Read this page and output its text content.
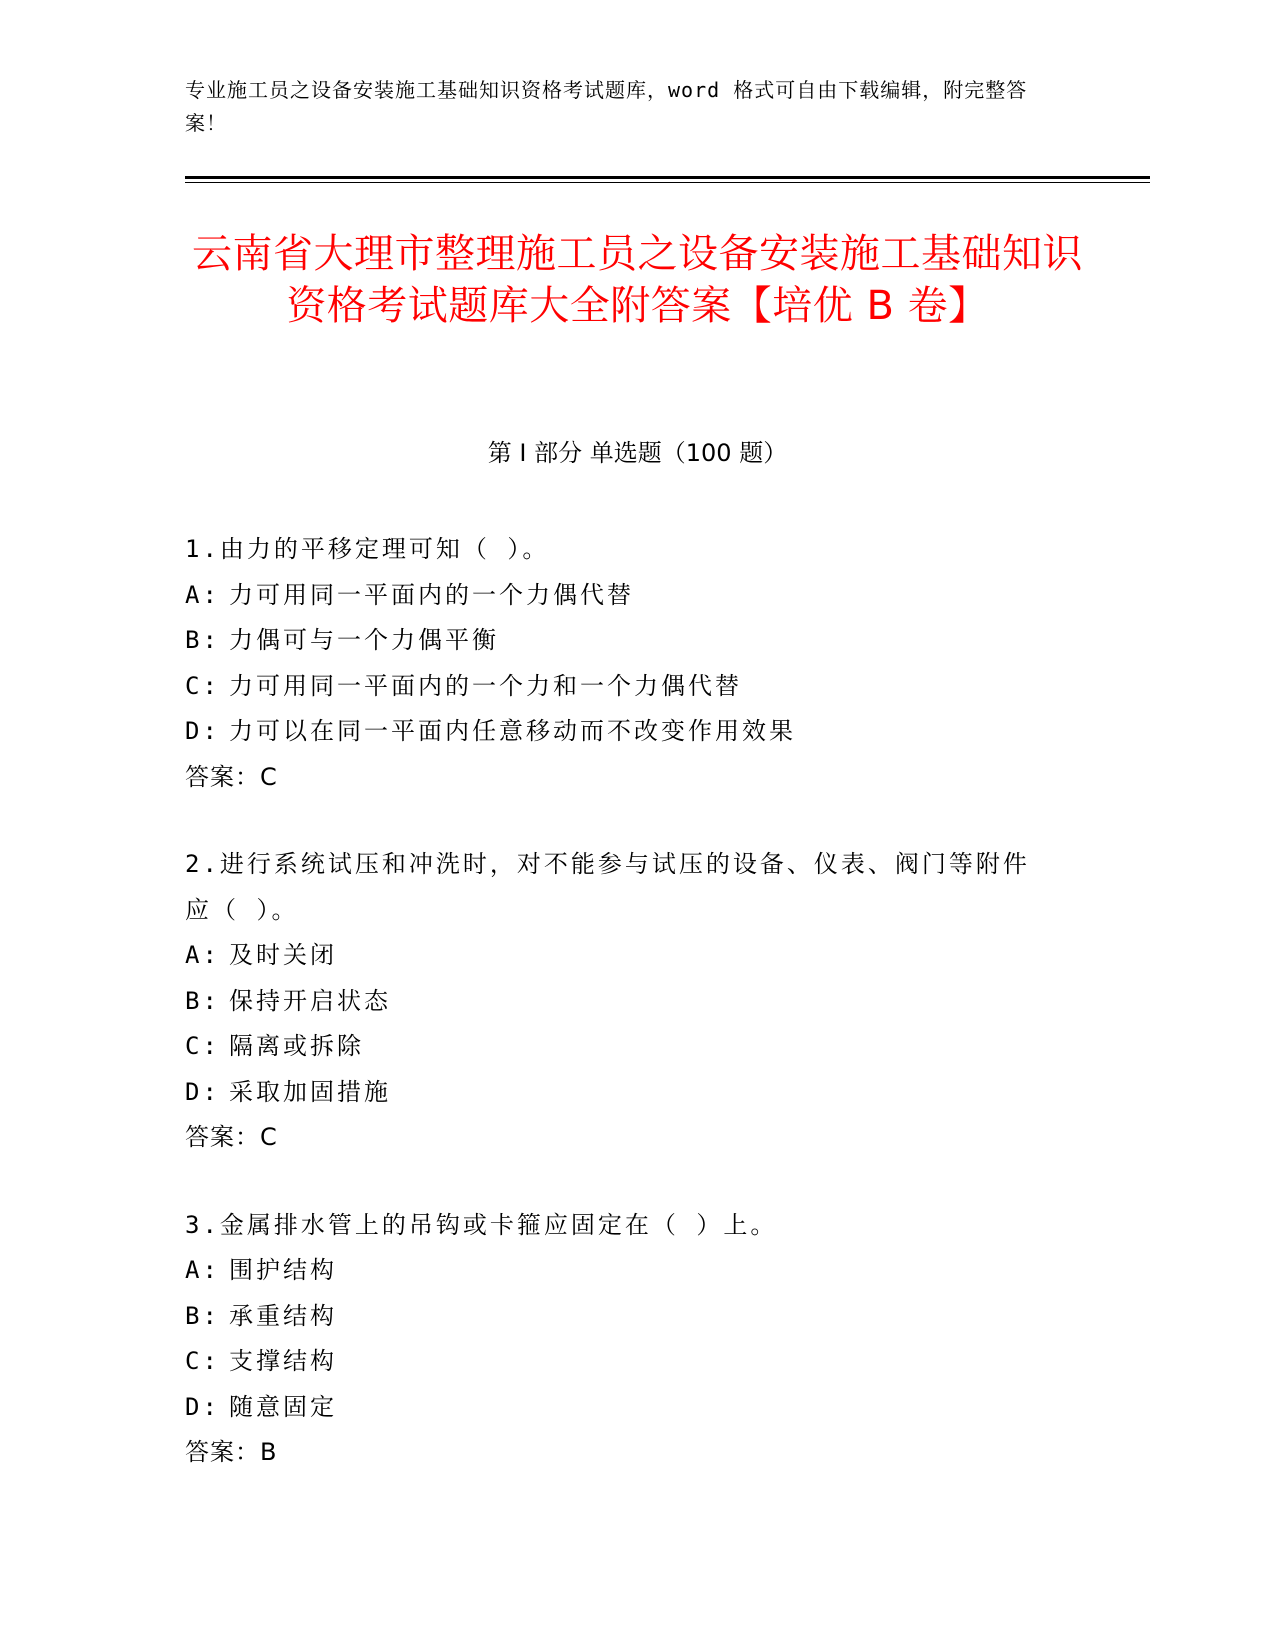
专业施工员之设备安装施工基础知识资格考试题库，word 格式可自由下载编辑，附完整答案！
云南省大理市整理施工员之设备安装施工基础知识资格考试题库大全附答案【培优 B 卷】
第 I 部分 单选题（100 题）
1.由力的平移定理可知（ ）。
A: 力可用同一平面内的一个力偶代替
B: 力偶可与一个力偶平衡
C: 力可用同一平面内的一个力和一个力偶代替
D: 力可以在同一平面内任意移动而不改变作用效果
答案：C
2.进行系统试压和冲洗时，对不能参与试压的设备、仪表、阀门等附件应（ ）。
A: 及时关闭
B: 保持开启状态
C: 隔离或拆除
D: 采取加固措施
答案：C
3.金属排水管上的吊钩或卡箍应固定在（ ）上。
A: 围护结构
B: 承重结构
C: 支撑结构
D: 随意固定
答案：B
